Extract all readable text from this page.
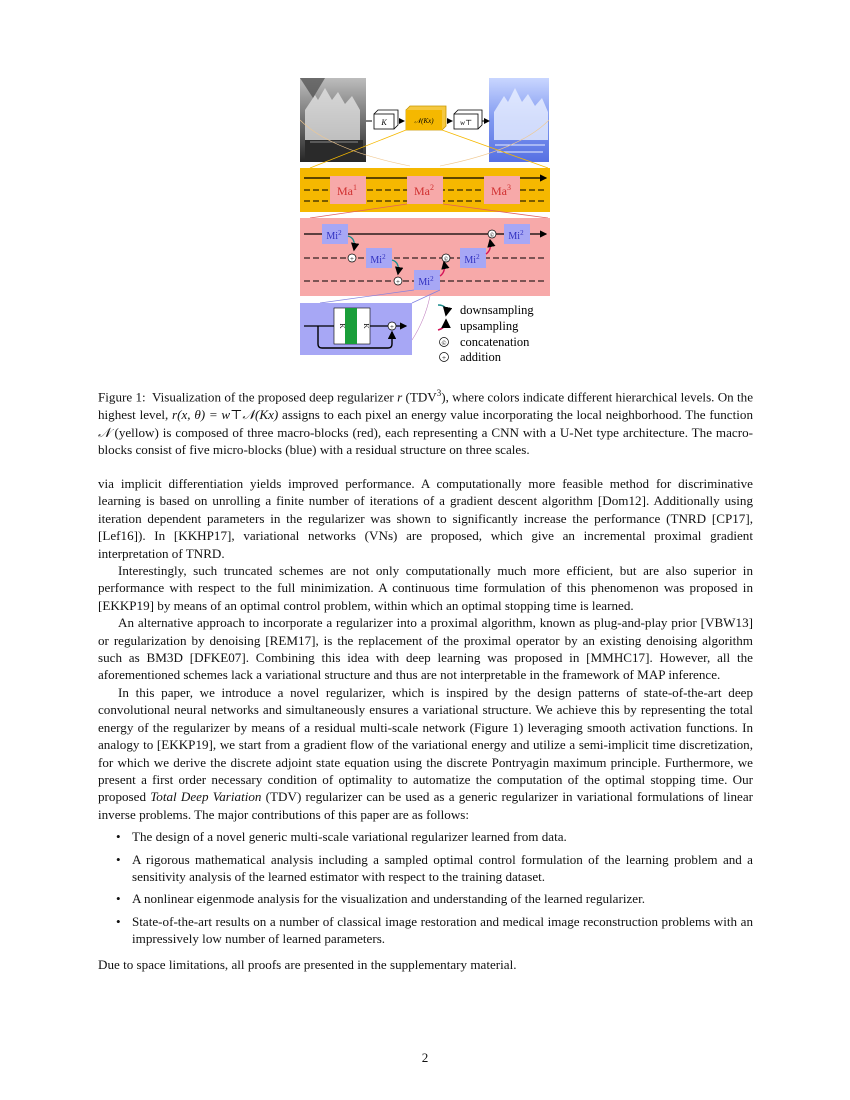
K	𝒩(Kx)	w⊤
Ma$^1$	Ma$^2$	Ma$^3$
Mi$^2$
Mi$^2$
Mi$^2$
Mi$^2$
$Mi^2$
+
+
©
©
K K	+
downsampling
upsampling
© concatenation
+ addition

Figure 1: Visualization of the proposed deep regularizer r (TDV$^3$), where colors indicate different hierarchical levels. On the highest level, r(x, θ) = w⊤𝒩(Kx) assigns to each pixel an energy value incorporating the local neighborhood. The function 𝒩 (yellow) is composed of three macro-blocks (red), each representing a CNN with a U-Net type architecture. The macro-blocks consist of five micro-blocks (blue) with a residual structure on three scales.

via implicit differentiation yields improved performance. A computationally more feasible method for discriminative learning is based on unrolling a finite number of iterations of a gradient descent algorithm [Dom12]. Additionally using iteration dependent parameters in the regularizer was shown to significantly increase the performance (TNRD [CP17], [Lef16]). In [KKHP17], variational networks (VNs) are proposed, which give an incremental proximal gradient interpretation of TNRD.

Interestingly, such truncated schemes are not only computationally much more efficient, but are also superior in performance with respect to the full minimization. A continuous time formulation of this phenomenon was proposed in [EKKP19] by means of an optimal control problem, within which an optimal stopping time is learned.

An alternative approach to incorporate a regularizer into a proximal algorithm, known as plug-and-play prior [VBW13] or regularization by denoising [REM17], is the replacement of the proximal operator by an existing denoising algorithm such as BM3D [DFKE07]. Combining this idea with deep learning was proposed in [MMHC17]. However, all the aforementioned schemes lack a variational structure and thus are not interpretable in the framework of MAP inference.

In this paper, we introduce a novel regularizer, which is inspired by the design patterns of state-of-the-art deep convolutional neural networks and simultaneously ensures a variational structure. We achieve this by representing the total energy of the regularizer by means of a residual multi-scale network (Figure 1) leveraging smooth activation functions. In analogy to [EKKP19], we start from a gradient flow of the variational energy and utilize a semi-implicit time discretization, for which we derive the discrete adjoint state equation using the discrete Pontryagin maximum principle. Furthermore, we present a first order necessary condition of optimality to automatize the computation of the optimal stopping time. Our proposed Total Deep Variation (TDV) regularizer can be used as a generic regularizer in variational formulations of linear inverse problems. The major contributions of this paper are as follows:

• The design of a novel generic multi-scale variational regularizer learned from data.
• A rigorous mathematical analysis including a sampled optimal control formulation of the learning problem and a sensitivity analysis of the learned estimator with respect to the training dataset.
• A nonlinear eigenmode analysis for the visualization and understanding of the learned regularizer.
• State-of-the-art results on a number of classical image restoration and medical image reconstruction problems with an impressively low number of learned parameters.

Due to space limitations, all proofs are presented in the supplementary material.

2
